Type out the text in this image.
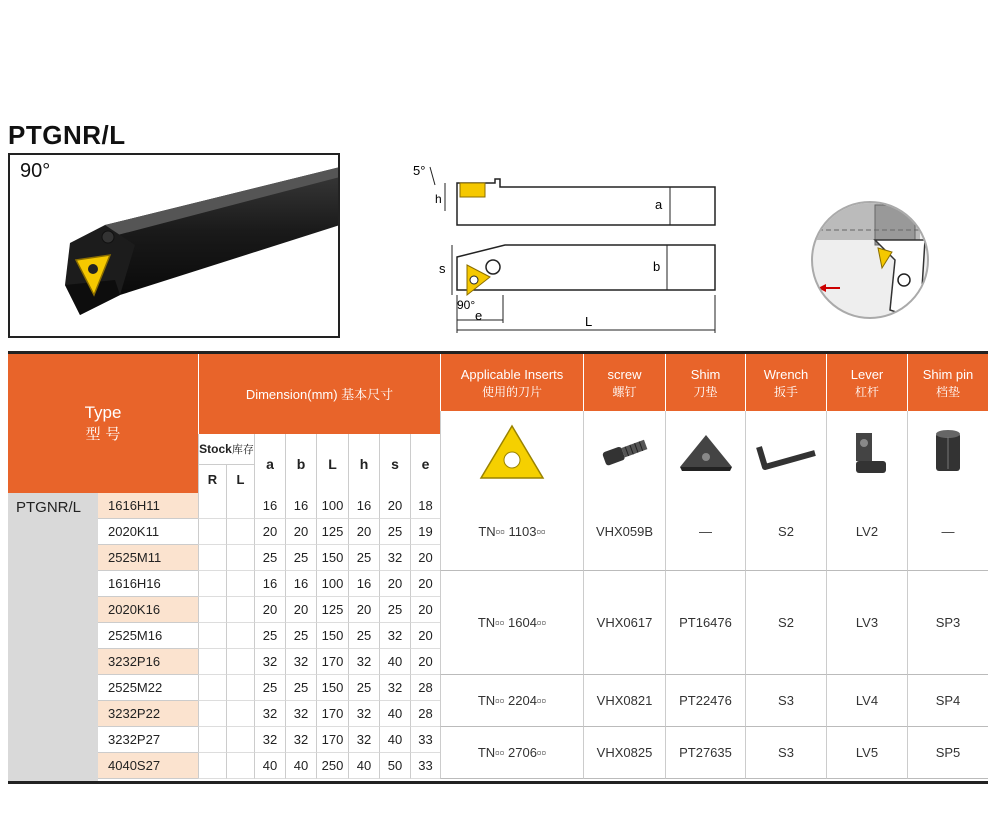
PTGNR/L
90°	5°
h	a
s	b
90°
e	L
Type
型 号
Dimension(mm) 基本尺寸
Stock 库存
R	L
a	b	L	h	s	e
Applicable Inserts
使用的刀片
screw
螺钉
Shim
刀垫
Wrench
扳手
Lever
杠杆
Shim pin
档垫
PTGNR/L	1616H11	16	16	100	16	20	18
2020K11	20	20	125	20	25	19
2525M11	25	25	150	25	32	20
1616H16	16	16	100	16	20	20
2020K16	20	20	125	20	25	20
2525M16	25	25	150	25	32	20
3232P16	32	32	170	32	40	20
2525M22	25	25	150	25	32	28
3232P22	32	32	170	32	40	28
3232P27	32	32	170	32	40	33
4040S27	40	40	250	40	50	33
TN▫▫ 1103▫▫	VHX059B	—	S2	LV2	—
TN▫▫ 1604▫▫	VHX0617	PT16476	S2	LV3	SP3
TN▫▫ 2204▫▫	VHX0821	PT22476	S3	LV4	SP4
TN▫▫ 2706▫▫	VHX0825	PT27635	S3	LV5	SP5
